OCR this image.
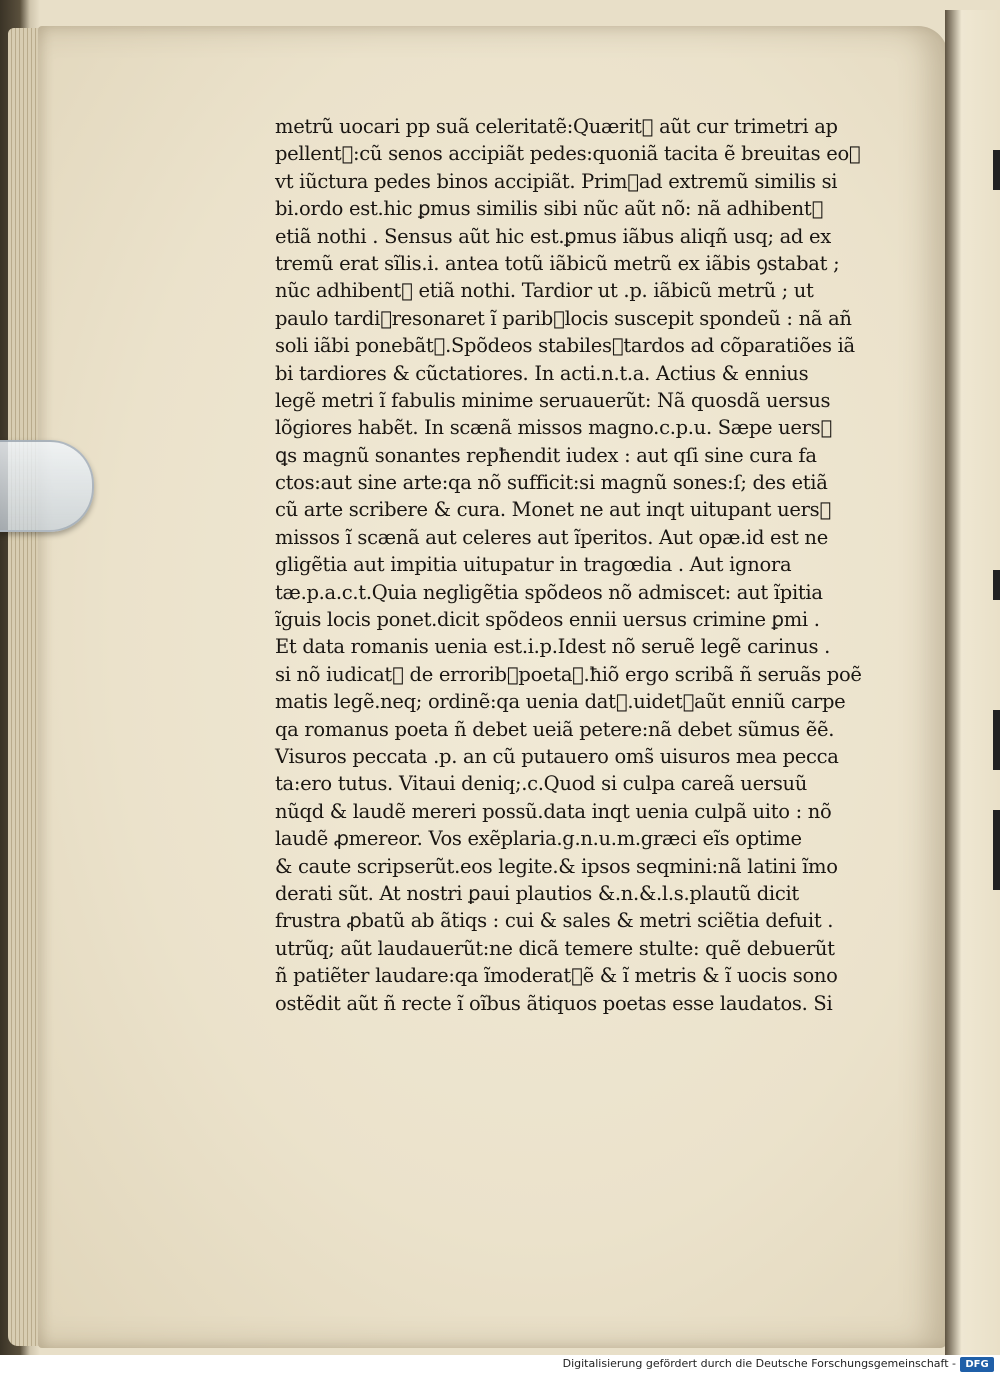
metrũ uocari pp suã celeritatẽ:Quærit᷑ aũt cur trimetri ap
pellent᷑:cũ senos accipiãt pedes:quoniã tacita ẽ breuitas eoꝝ
vt iũctura pedes binos accipiãt. Prim᷒ad extremũ similis si
bi.ordo est.hic ꝑmus similis sibi nũc aũt nõ: nã adhibent᷑
etiã nothi . Sensus aũt hic est.ꝑmus iãbus aliqñ usq; ad ex
tremũ erat sĩlis.i. antea totũ iãbicũ metrũ ex iãbis ꝯstabat ;
nũc adhibent᷑ etiã nothi. Tardior ut .p. iãbicũ metrũ ; ut
paulo tardi᷒resonaret ĩ parib᷒locis suscepit spondeũ : nã añ
soli iãbi ponebãt᷑.Spõdeos stabiles᷑tardos ad cõparatiões iã
bi tardiores & cũctatiores. In acti.n.t.a. Actius & ennius
legẽ metri ĩ fabulis minime seruauerũt: Nã quosdã uersus
lõgiores habẽt. In scænã missos magno.c.p.u. Sæpe uers᷒
ꝗs magnũ sonantes repħendit iudex : aut qſi sine cura fa
ctos:aut sine arte:qa nõ sufficit:si magnũ sones:ſ; des etiã
cũ arte scribere & cura. Monet ne aut inqt uitupant uers᷒
missos ĩ scænã aut celeres aut ĩperitos. Aut opæ.id est ne
gligẽtia aut impitia uitupatur in tragœdia . Aut ignora
tæ.p.a.c.t.Quia negligẽtia spõdeos nõ admiscet: aut ĩpitia
ĩguis locis ponet.dicit spõdeos ennii uersus crimine ꝑmi .
Et data romanis uenia est.i.p.Idest nõ seruẽ legẽ carinus .
si nõ iudicat᷑ de errorib᷒poetaꝝ.ħiõ ergo scribã ñ seruãs poẽ
matis legẽ.neq; ordinẽ:qa uenia dat᷑.uidet᷑aũt enniũ carpe
qa romanus poeta ñ debet ueiã petere:nã debet sũmus ẽẽ.
Visuros peccata .p. an cũ putauero oms̃ uisuros mea pecca
ta:ero tutus. Vitaui deniq;.c.Quod si culpa careã uersuũ
nũqd & laudẽ mereri possũ.data inqt uenia culpã uito : nõ
laudẽ ꝓmereor. Vos exẽplaria.g.n.u.m.græci eĩs optime
& caute scripserũt.eos legite.& ipsos seqmini:nã latini ĩmo
derati sũt. At nostri ꝑaui plautios &.n.&.l.s.plautũ dicit
frustra ꝓbatũ ab ãtiqs : cui & sales & metri sciẽtia defuit .
utrũq; aũt laudauerũt:ne dicã temere stulte: quẽ debuerũt
ñ patiẽter laudare:qa ĩmoderat᷒ẽ & ĩ metris & ĩ uocis sono
ostẽdit aũt ñ recte ĩ oĩbus ãtiquos poetas esse laudatos. Si
Digitalisierung gefördert durch die Deutsche Forschungsgemeinschaft - DFG
